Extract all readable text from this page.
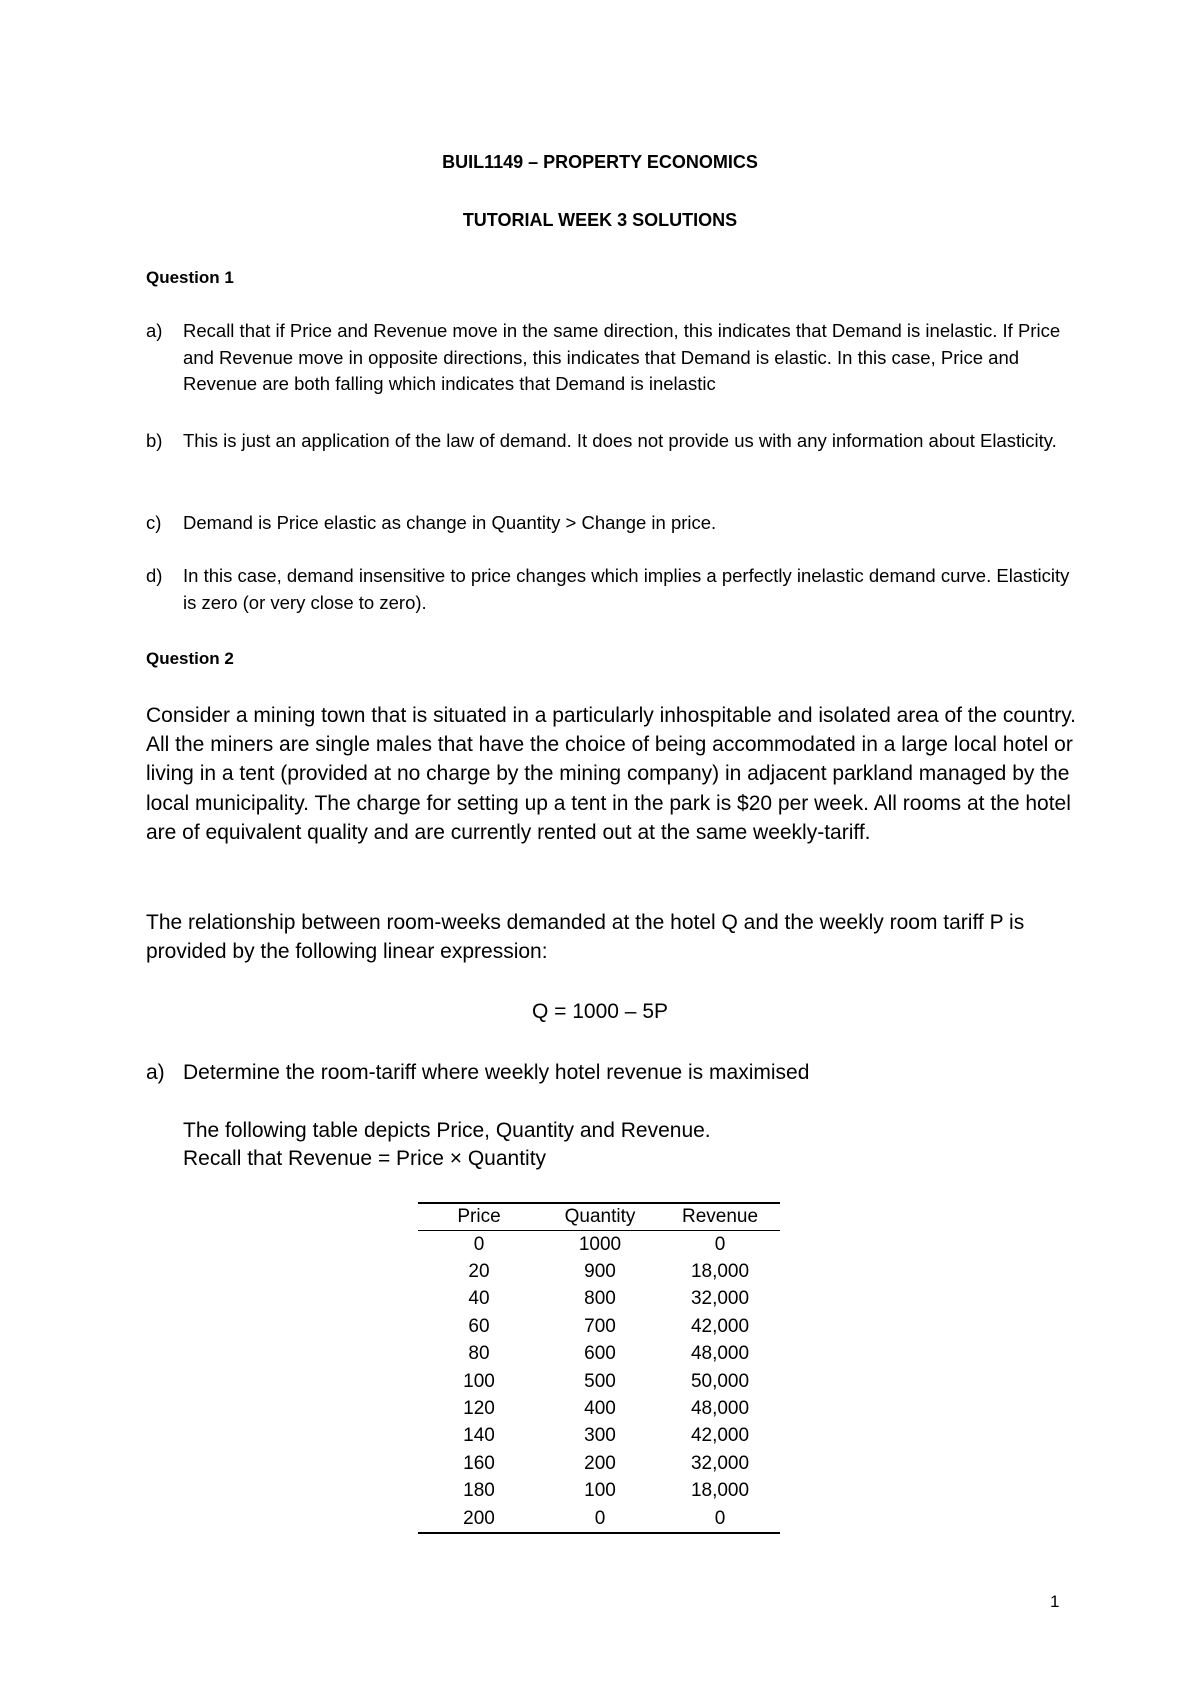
BUIL1149 – PROPERTY ECONOMICS
TUTORIAL WEEK 3 SOLUTIONS
Question 1
a) Recall that if Price and Revenue move in the same direction, this indicates that Demand is inelastic. If Price and Revenue move in opposite directions, this indicates that Demand is elastic. In this case, Price and Revenue are both falling which indicates that Demand is inelastic
b) This is just an application of the law of demand. It does not provide us with any information about Elasticity.
c) Demand is Price elastic as change in Quantity > Change in price.
d) In this case, demand insensitive to price changes which implies a perfectly inelastic demand curve. Elasticity is zero (or very close to zero).
Question 2
Consider a mining town that is situated in a particularly inhospitable and isolated area of the country. All the miners are single males that have the choice of being accommodated in a large local hotel or living in a tent (provided at no charge by the mining company) in adjacent parkland managed by the local municipality. The charge for setting up a tent in the park is $20 per week. All rooms at the hotel are of equivalent quality and are currently rented out at the same weekly-tariff.
The relationship between room-weeks demanded at the hotel Q and the weekly room tariff P is provided by the following linear expression:
Q = 1000 – 5P
a) Determine the room-tariff where weekly hotel revenue is maximised
The following table depicts Price, Quantity and Revenue.
Recall that Revenue = Price × Quantity
Price	Quantity	Revenue
0	1000	0
20	900	18,000
40	800	32,000
60	700	42,000
80	600	48,000
100	500	50,000
120	400	48,000
140	300	42,000
160	200	32,000
180	100	18,000
200	0	0
1
